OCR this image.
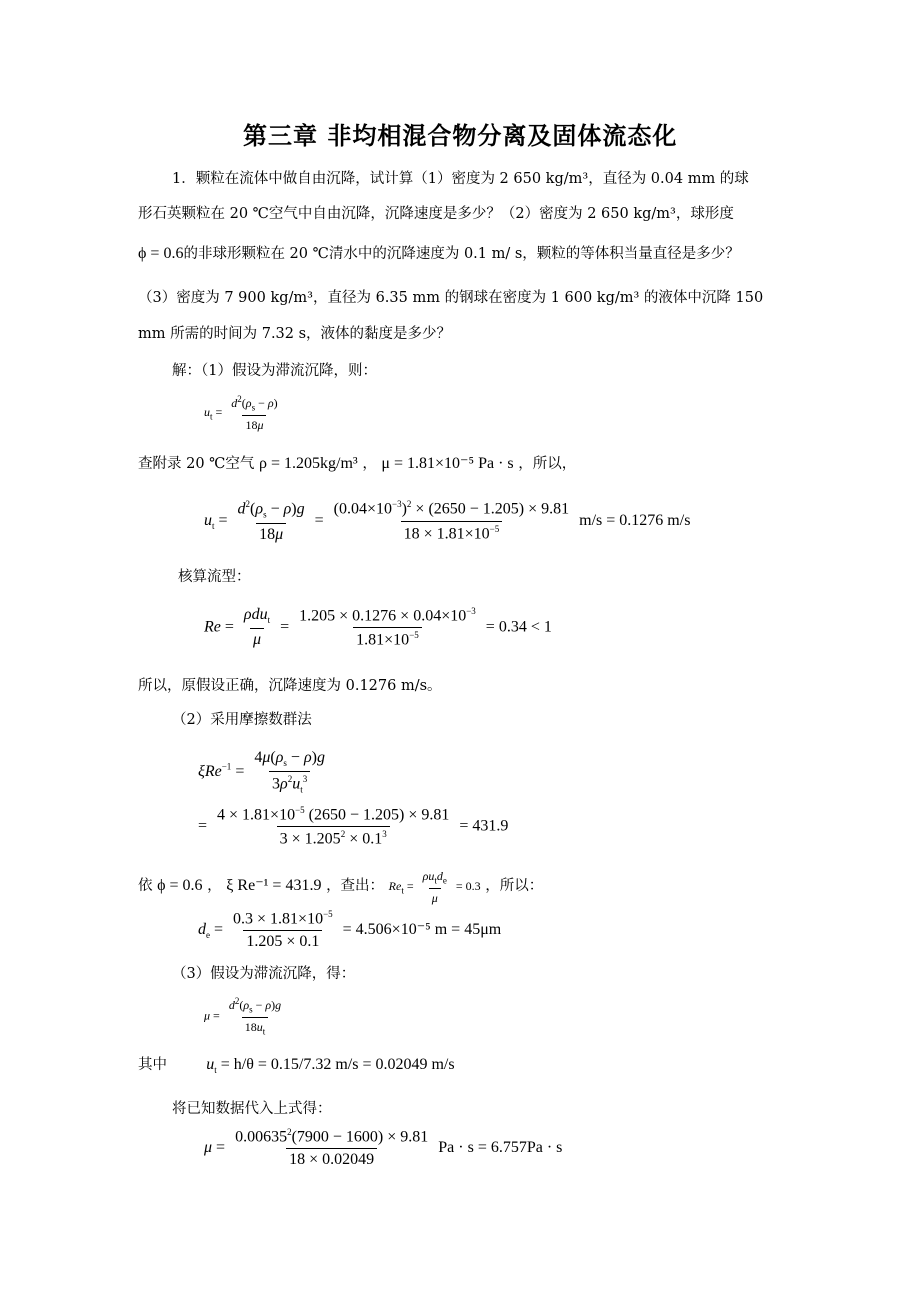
第三章 非均相混合物分离及固体流态化
1．颗粒在流体中做自由沉降，试计算（1）密度为 2 650 kg/m³，直径为 0.04 mm 的球
形石英颗粒在 20 ℃空气中自由沉降，沉降速度是多少？（2）密度为 2 650 kg/m³，球形度
ϕ = 0.6的非球形颗粒在 20 ℃清水中的沉降速度为 0.1 m/ s，颗粒的等体积当量直径是多少？
（3）密度为 7 900 kg/m³，直径为 6.35 mm 的钢球在密度为 1 600 kg/m³ 的液体中沉降 150
mm 所需的时间为 7.32 s，液体的黏度是多少？
解：（1）假设为滞流沉降，则：
$u_t = \frac{d^2(\rho_s - \rho)}{18\mu}$
查附录 20 ℃空气 ρ = 1.205kg/m³ ， μ = 1.81×10⁻⁵ Pa · s ，所以，
$u_t = \frac{d^2(\rho_s - \rho)g}{18\mu} = \frac{(0.04\times 10^{-3})^2 \times (2650 - 1.205) \times 9.81}{18 \times 1.81\times 10^{-5}} m/s = 0.1276$ m/s
核算流型：
$Re = \frac{\rho du_t}{\mu} = \frac{1.205 \times 0.1276 \times 0.04\times 10^{-3}}{1.81\times 10^{-5}} = 0.34 < 1$
所以，原假设正确，沉降速度为 0.1276 m/s。
（2）采用摩擦数群法
$\xi Re^{-1} = \frac{4\mu(\rho_s - \rho)g}{3\rho^2u_t^3}$
= $\frac{4 \times 1.81\times 10^{-5} (2650 - 1.205) \times 9.81}{3 \times 1.205^2 \times 0.1^3} = 431.9$
依 ϕ = 0.6 ， ξ Re⁻¹ = 431.9 ，查出： $Re_t = \frac{\rho u_td_e}{\mu} = 0.3$ ，所以：
$d_e = \frac{0.3 \times 1.81\times 10^{-5}}{1.205 \times 0.1} = 4.506\times 10^{-5}$ m = 45μm
（3）假设为滞流沉降，得：
$\mu = \frac{d^2(\rho_s - \rho)g}{18u_t}$
其中 $u_t = h/\theta = 0.15/7.32$ m/s = 0.02049 m/s
将已知数据代入上式得：
$\mu = \frac{0.00635^2(7900 - 1600) \times 9.81}{18 \times 0.02049}$ Pa · s = 6.757Pa · s
